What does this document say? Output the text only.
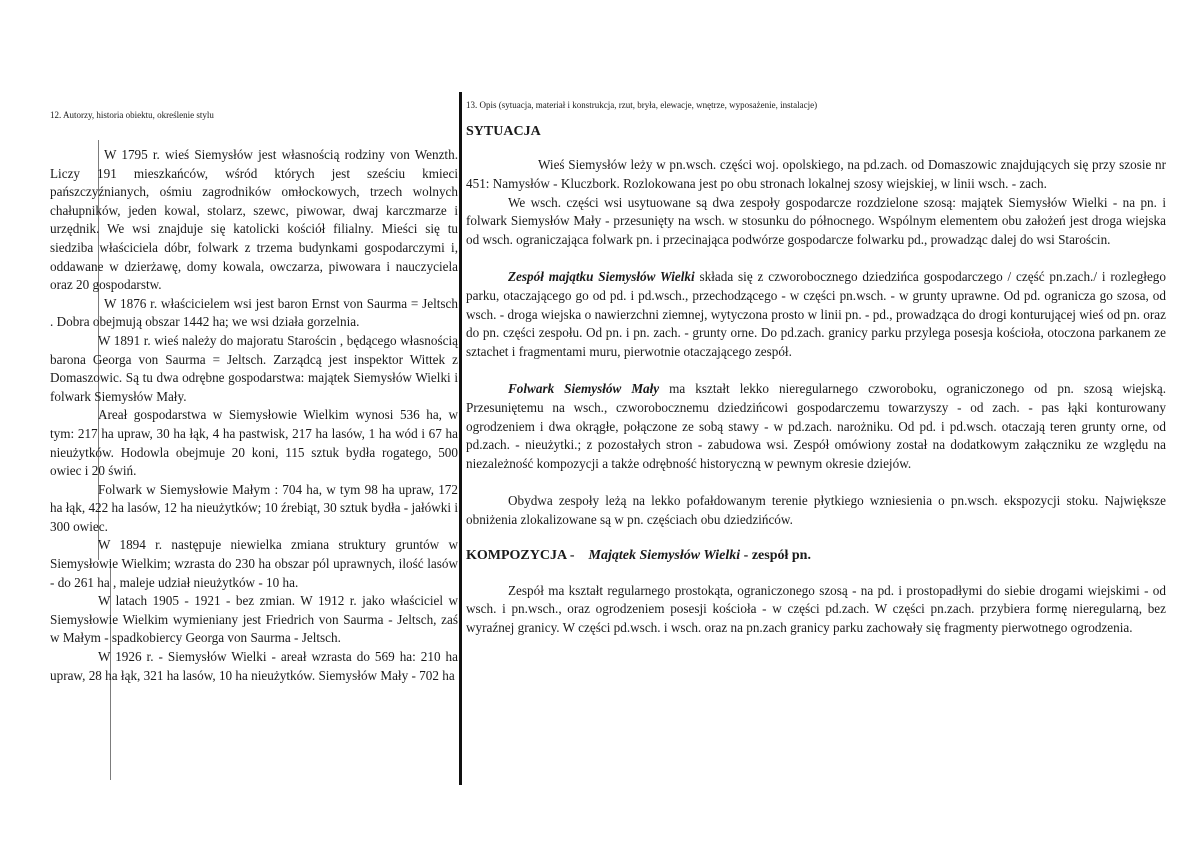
12. Autorzy, historia obiektu, określenie stylu

W 1795 r. wieś Siemysłów jest własnością rodziny von Wenzth. Liczy 191 mieszkańców, wśród których jest sześciu kmieci pańszczyźnianych, ośmiu zagrodników omłockowych, trzech wolnych chałupników, jeden kowal, stolarz, szewc, piwowar, dwaj karczmarze i urzędnik. We wsi znajduje się katolicki kościół filialny. Mieści się tu siedziba właściciela dóbr, folwark z trzema budynkami gospodarczymi i, oddawane w dzierżawę, domy kowala, owczarza, piwowara i nauczyciela oraz 20 gospodarstw.

W 1876 r. właścicielem wsi jest baron Ernst von Saurma = Jeltsch . Dobra obejmują obszar 1442 ha; we wsi działa gorzelnia.

W 1891 r. wieś należy do majoratu Starościn , będącego własnością barona Georga von Saurma = Jeltsch. Zarządcą jest inspektor Wittek z Domaszowic. Są tu dwa odrębne gospodarstwa: majątek Siemysłów Wielki i folwark Siemysłów Mały.

Areał gospodarstwa w Siemysłowie Wielkim wynosi 536 ha, w tym: 217 ha upraw, 30 ha łąk, 4 ha pastwisk, 217 ha lasów, 1 ha wód i 67 ha nieużytków. Hodowla obejmuje 20 koni, 115 sztuk bydła rogatego, 500 owiec i 20 świń.

Folwark w Siemysłowie Małym : 704 ha, w tym 98 ha upraw, 172 ha łąk, 422 ha lasów, 12 ha nieużytków; 10 źrebiąt, 30 sztuk bydła - jałówki i 300 owiec.

W 1894 r. następuje niewielka zmiana struktury gruntów w Siemysłowie Wielkim; wzrasta do 230 ha obszar pól uprawnych, ilość lasów - do 261 ha , maleje udział nieużytków - 10 ha.

W latach 1905 - 1921 - bez zmian. W 1912 r. jako właściciel w Siemysłowie Wielkim wymieniany jest Friedrich von Saurma - Jeltsch, zaś w Małym - spadkobiercy Georga von Saurma - Jeltsch.

W 1926 r. - Siemysłów Wielki - areał wzrasta do 569 ha: 210 ha upraw, 28 ha łąk, 321 ha lasów, 10 ha nieużytków. Siemysłów Mały - 702 ha

13. Opis (sytuacja, materiał i konstrukcja, rzut, bryła, elewacje, wnętrze, wyposażenie, instalacje)

SYTUACJA

Wieś Siemysłów leży w pn.wsch. części woj. opolskiego, na pd.zach. od Domaszowic znajdujących się przy szosie nr 451: Namysłów - Kluczbork. Rozlokowana jest po obu stronach lokalnej szosy wiejskiej, w linii wsch. - zach.

We wsch. części wsi usytuowane są dwa zespoły gospodarcze rozdzielone szosą: majątek Siemysłów Wielki - na pn. i folwark Siemysłów Mały - przesunięty na wsch. w stosunku do północnego. Wspólnym elementem obu założeń jest droga wiejska od wsch. ograniczająca folwark pn. i przecinająca podwórze gospodarcze folwarku pd., prowadząc dalej do wsi Starościn.

Zespół majątku Siemysłów Wielki składa się z czworobocznego dziedzińca gospodarczego / część pn.zach./ i rozległego parku, otaczającego go od pd. i pd.wsch., przechodzącego - w części pn.wsch. - w grunty uprawne. Od pd. ogranicza go szosa, od wsch. - droga wiejska o nawierzchni ziemnej, wytyczona prosto w linii pn. - pd., prowadząca do drogi konturującej wieś od pn. oraz do pn. części zespołu. Od pn. i pn. zach. - grunty orne. Do pd.zach. granicy parku przylega posesja kościoła, otoczona parkanem ze sztachet i fragmentami muru, pierwotnie otaczającego zespół.

Folwark Siemysłów Mały ma kształt lekko nieregularnego czworoboku, ograniczonego od pn. szosą wiejską. Przesuniętemu na wsch., czworobocznemu dziedzińcowi gospodarczemu towarzyszy - od zach. - pas łąki konturowany ogrodzeniem i dwa okrągłe, połączone ze sobą stawy - w pd.zach. narożniku. Od pd. i pd.wsch. otaczają teren grunty orne, od pd.zach. - nieużytki.; z pozostałych stron - zabudowa wsi. Zespół omówiony został na dodatkowym załączniku ze względu na niezależność kompozycji a także odrębność historyczną w pewnym okresie dziejów.

Obydwa zespoły leżą na lekko pofałdowanym terenie płytkiego wzniesienia o pn.wsch. ekspozycji stoku. Największe obniżenia zlokalizowane są w pn. częściach obu dziedzińców.

KOMPOZYCJA - Majątek Siemysłów Wielki - zespół pn.

Zespół ma kształt regularnego prostokąta, ograniczonego szosą - na pd. i prostopadłymi do siebie drogami wiejskimi - od wsch. i pn.wsch., oraz ogrodzeniem posesji kościoła - w części pd.zach. W części pn.zach. przybiera formę nieregularną, bez wyraźnej granicy. W części pd.wsch. i wsch. oraz na pn.zach granicy parku zachowały się fragmenty pierwotnego ogrodzenia.
